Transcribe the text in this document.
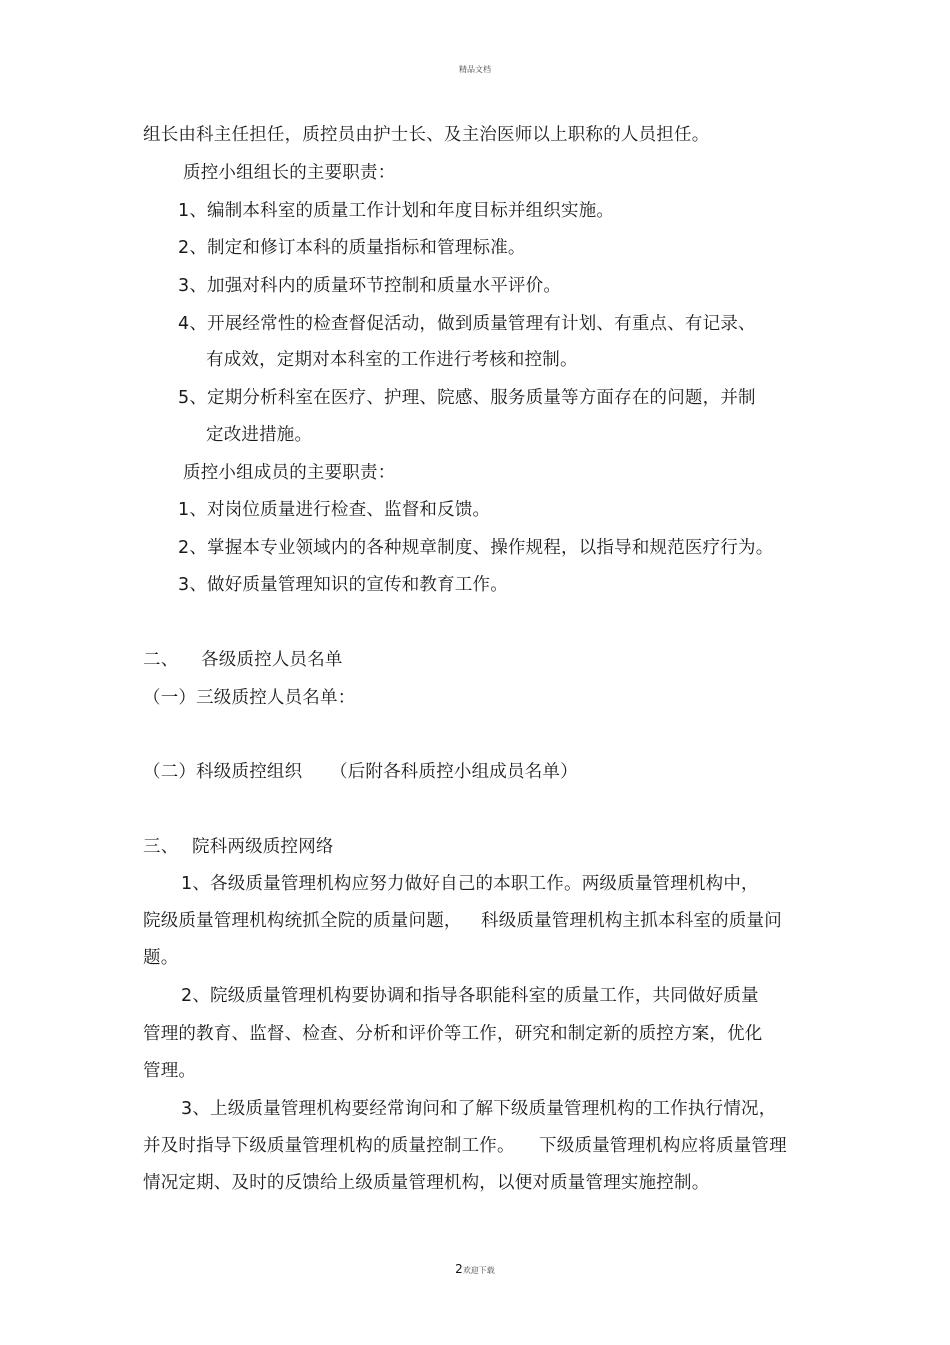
精品文档
组长由科主任担任，质控员由护士长、及主治医师以上职称的人员担任。
质控小组组长的主要职责：
1、编制本科室的质量工作计划和年度目标并组织实施。
2、制定和修订本科的质量指标和管理标准。
3、加强对科内的质量环节控制和质量水平评价。
4、开展经常性的检查督促活动，做到质量管理有计划、有重点、有记录、
有成效，定期对本科室的工作进行考核和控制。
5、定期分析科室在医疗、护理、院感、服务质量等方面存在的问题，并制
定改进措施。
质控小组成员的主要职责：
1、对岗位质量进行检查、监督和反馈。
2、掌握本专业领域内的各种规章制度、操作规程，以指导和规范医疗行为。
3、做好质量管理知识的宣传和教育工作。
二、 各级质控人员名单
（一）三级质控人员名单：
（二）科级质控组织 （后附各科质控小组成员名单）
三、 院科两级质控网络
1、各级质量管理机构应努力做好自己的本职工作。两级质量管理机构中，
院级质量管理机构统抓全院的质量问题， 科级质量管理机构主抓本科室的质量问
题。
2、院级质量管理机构要协调和指导各职能科室的质量工作，共同做好质量
管理的教育、监督、检查、分析和评价等工作，研究和制定新的质控方案，优化
管理。
3、上级质量管理机构要经常询问和了解下级质量管理机构的工作执行情况，
并及时指导下级质量管理机构的质量控制工作。 下级质量管理机构应将质量管理
情况定期、及时的反馈给上级质量管理机构，以便对质量管理实施控制。
2欢迎下载
